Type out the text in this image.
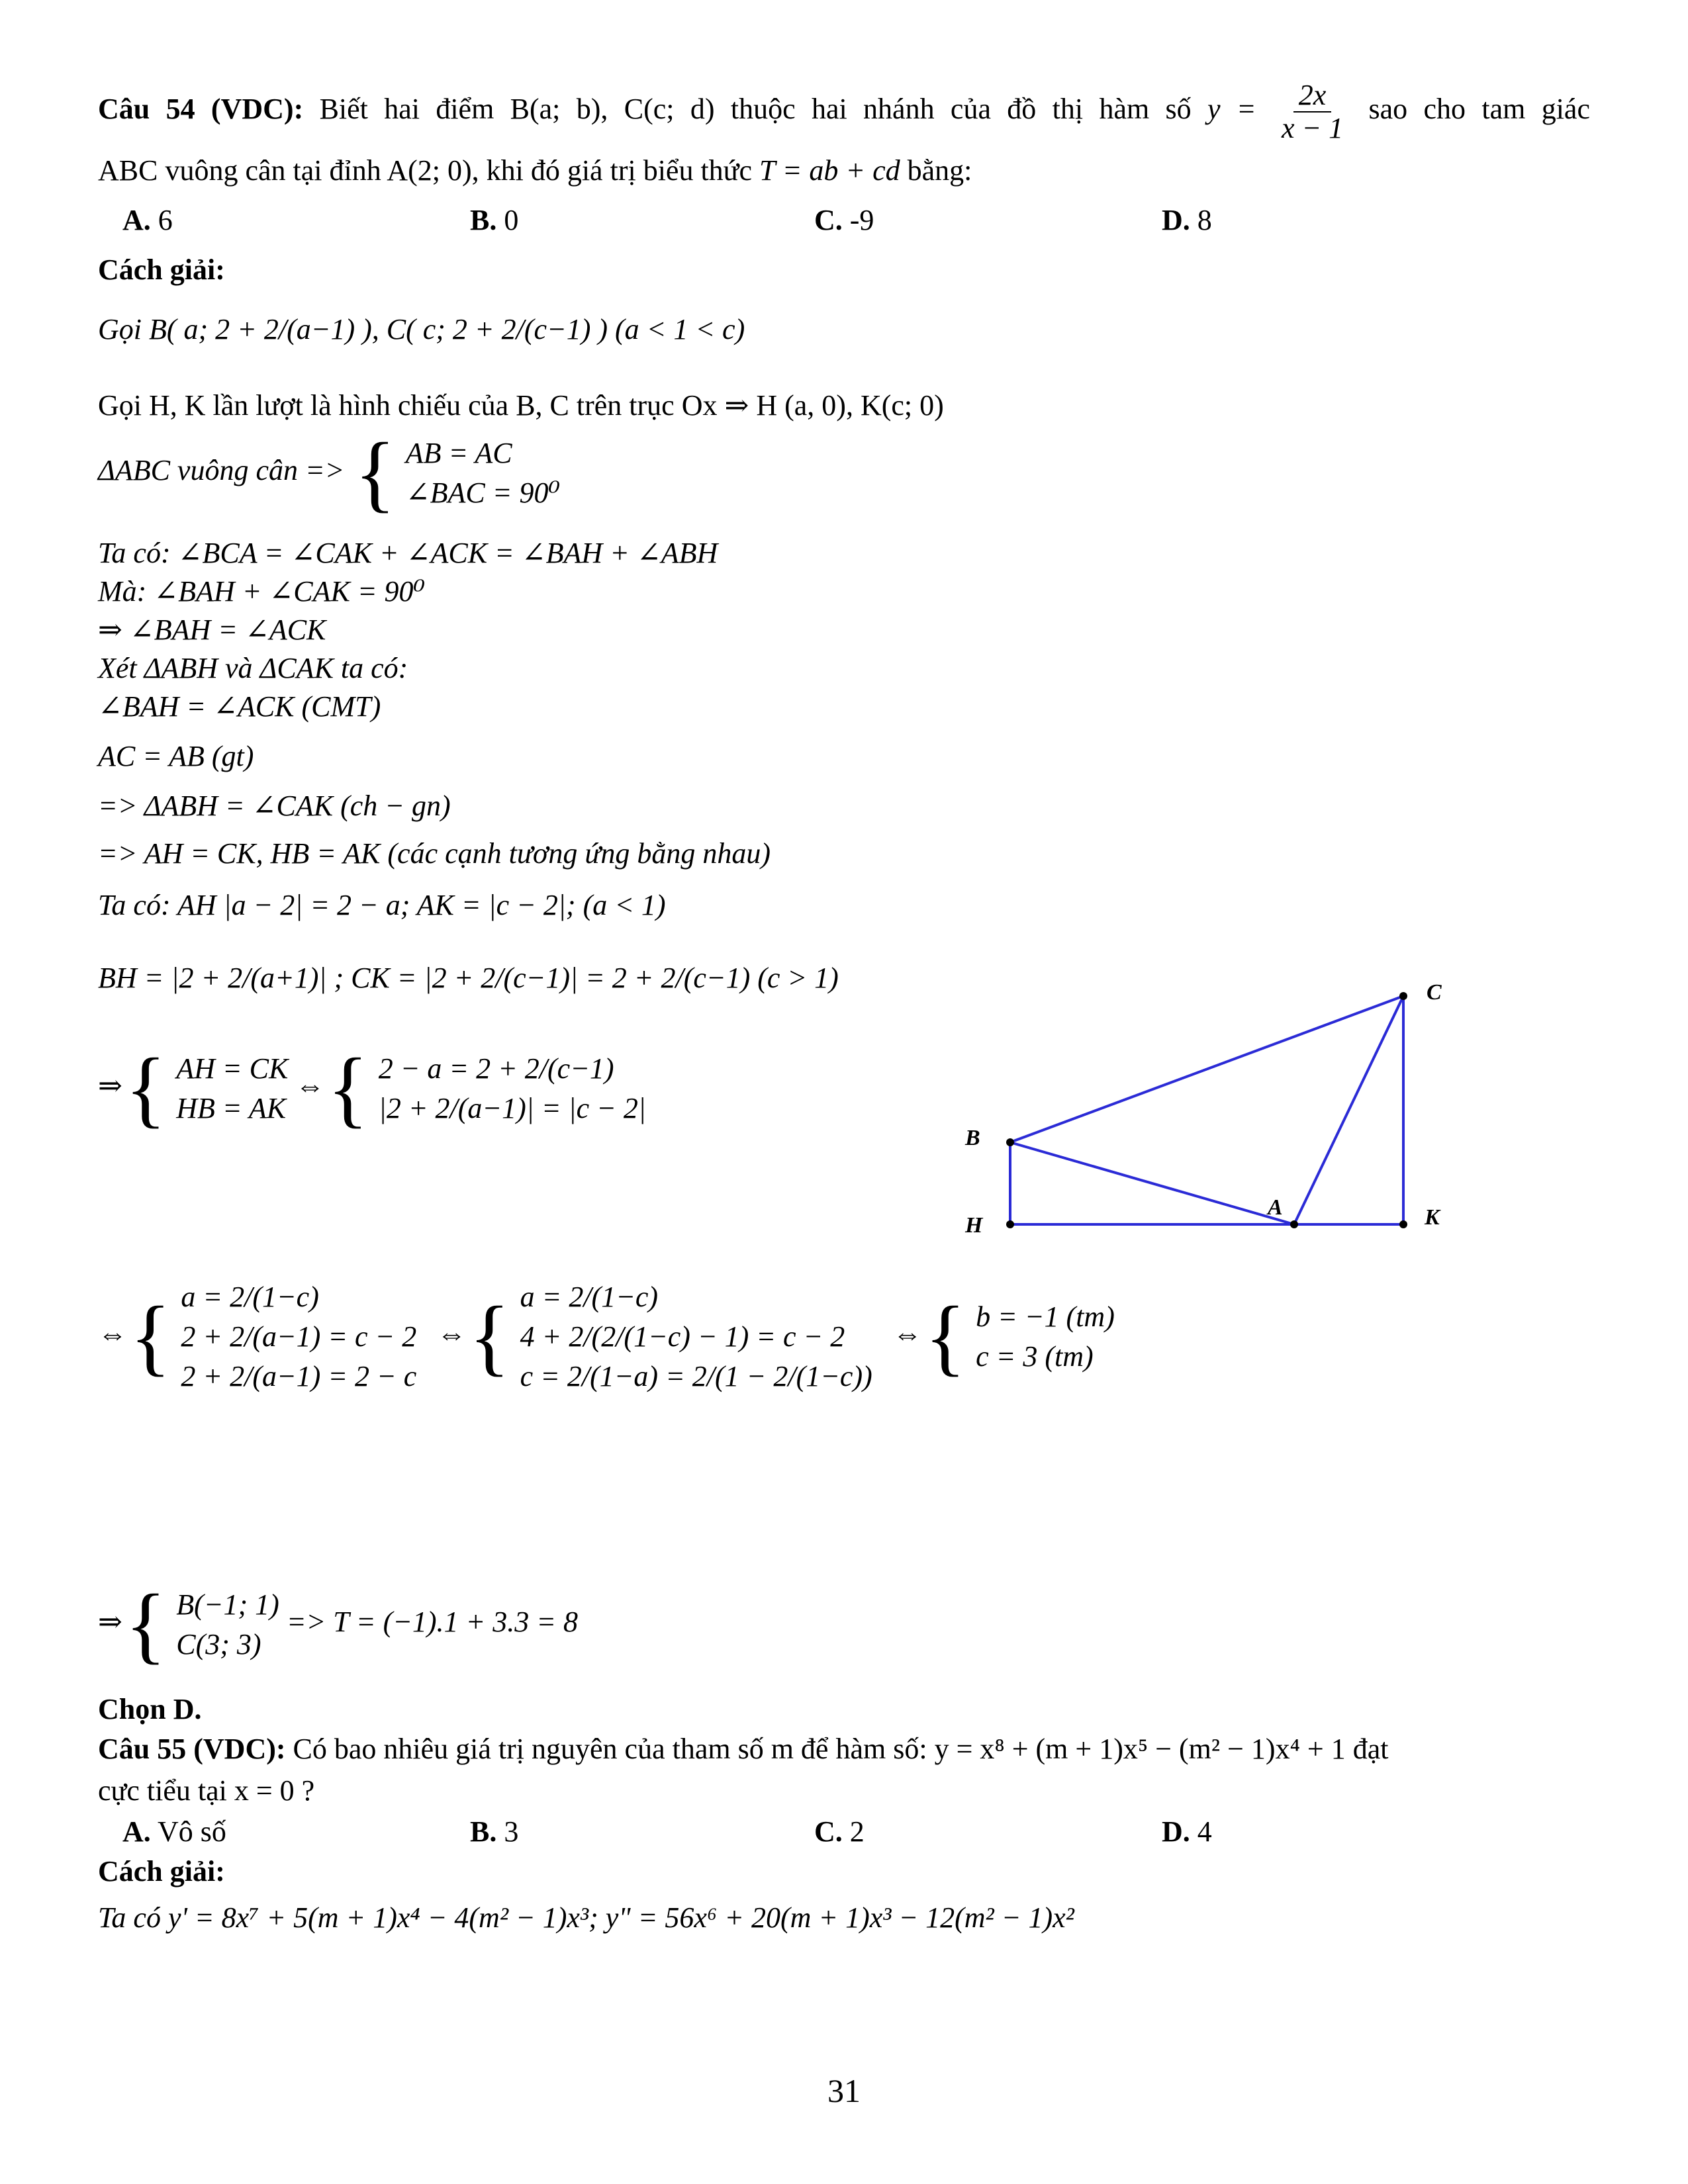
Câu 54 (VDC): Biết hai điểm B(a; b), C(c; d) thuộc hai nhánh của đồ thị hàm số $y = \frac{2x}{x - 1}$ sao cho tam giác
ABC vuông cân tại đỉnh A(2; 0), khi đó giá trị biểu thức T = ab + cd bằng:
A. 6	B. 0	C. -9	D. 8
Cách giải:
Gọi B( a; 2 + 2/(a−1) ), C( c; 2 + 2/(c−1) ) (a < 1 < c)
Gọi H, K lần lượt là hình chiếu của B, C trên trục Ox ⇒ H (a, 0), K(c; 0)
ΔABC vuông cân => { AB = AC
∠BAC = 90⁰
Ta có: ∠BCA = ∠CAK + ∠ACK = ∠BAH + ∠ABH
Mà: ∠BAH + ∠CAK = 90⁰
⇒ ∠BAH = ∠ACK
Xét ΔABH và ΔCAK ta có:
∠BAH = ∠ACK (CMT)
AC = AB (gt)
=> ΔABH = ∠CAK (ch − gn)
=> AH = CK, HB = AK (các cạnh tương ứng bằng nhau)
Ta có: AH |a − 2| = 2 − a; AK = |c − 2|; (a < 1)
BH = |2 + 2/(a+1)| ; CK = |2 + 2/(c−1)| = 2 + 2/(c−1) (c > 1)
⇒{ AH = CK
HB = AK
⇔{ 2 − a = 2 + 2/(c−1)
|2 + 2/(a−1)| = |c − 2|
⇔{ a = 2/(1−c)
2 + 2/(a−1) = c − 2
2 + 2/(a−1) = 2 − c
⇔{ a = 2/(1−c)
4 + 2/(2/(1−c) − 1) = c − 2
c = 2/(1−a) = 2/(1 − 2/(1−c))
⇔{ b = −1 (tm)
c = 3 (tm)
⇒{ B(−1; 1)
C(3; 3)
=> T = (−1).1 + 3.3 = 8
Chọn D.
Câu 55 (VDC): Có bao nhiêu giá trị nguyên của tham số m để hàm số: y = x⁸ + (m + 1)x⁵ − (m² − 1)x⁴ + 1 đạt
cực tiểu tại x = 0 ?
A. Vô số	B. 3	C. 2	D. 4
Cách giải:
Ta có y' = 8x⁷ + 5(m + 1)x⁴ − 4(m² − 1)x³; y" = 56x⁶ + 20(m + 1)x³ − 12(m² − 1)x²
B
C
H
A	K
31
